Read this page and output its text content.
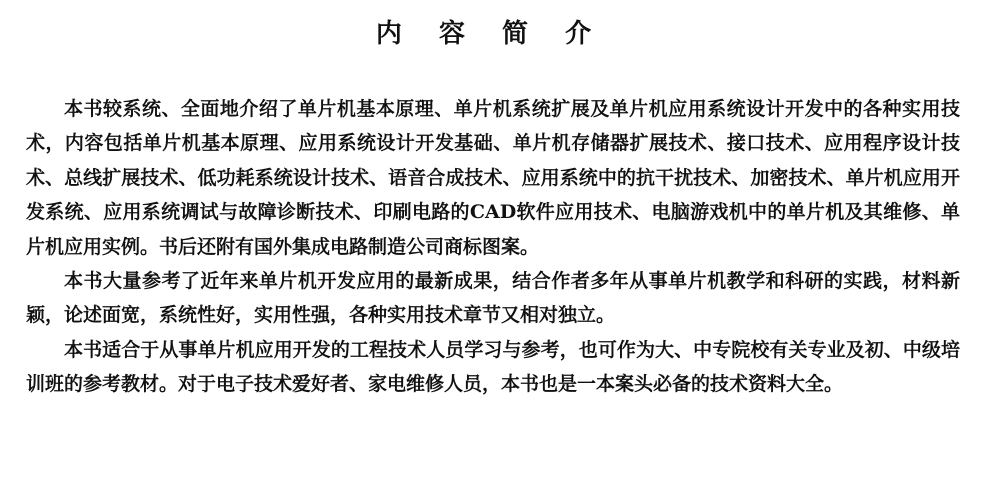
内 容 简 介

本书较系统、全面地介绍了单片机基本原理、单片机系统扩展及单片机应用系统设计开发中的各种实用技术，内容包括单片机基本原理、应用系统设计开发基础、单片机存储器扩展技术、接口技术、应用程序设计技术、总线扩展技术、低功耗系统设计技术、语音合成技术、应用系统中的抗干扰技术、加密技术、单片机应用开发系统、应用系统调试与故障诊断技术、印刷电路的CAD软件应用技术、电脑游戏机中的单片机及其维修、单片机应用实例。书后还附有国外集成电路制造公司商标图案。

本书大量参考了近年来单片机开发应用的最新成果，结合作者多年从事单片机教学和科研的实践，材料新颖，论述面宽，系统性好，实用性强，各种实用技术章节又相对独立。

本书适合于从事单片机应用开发的工程技术人员学习与参考，也可作为大、中专院校有关专业及初、中级培训班的参考教材。对于电子技术爱好者、家电维修人员，本书也是一本案头必备的技术资料大全。
